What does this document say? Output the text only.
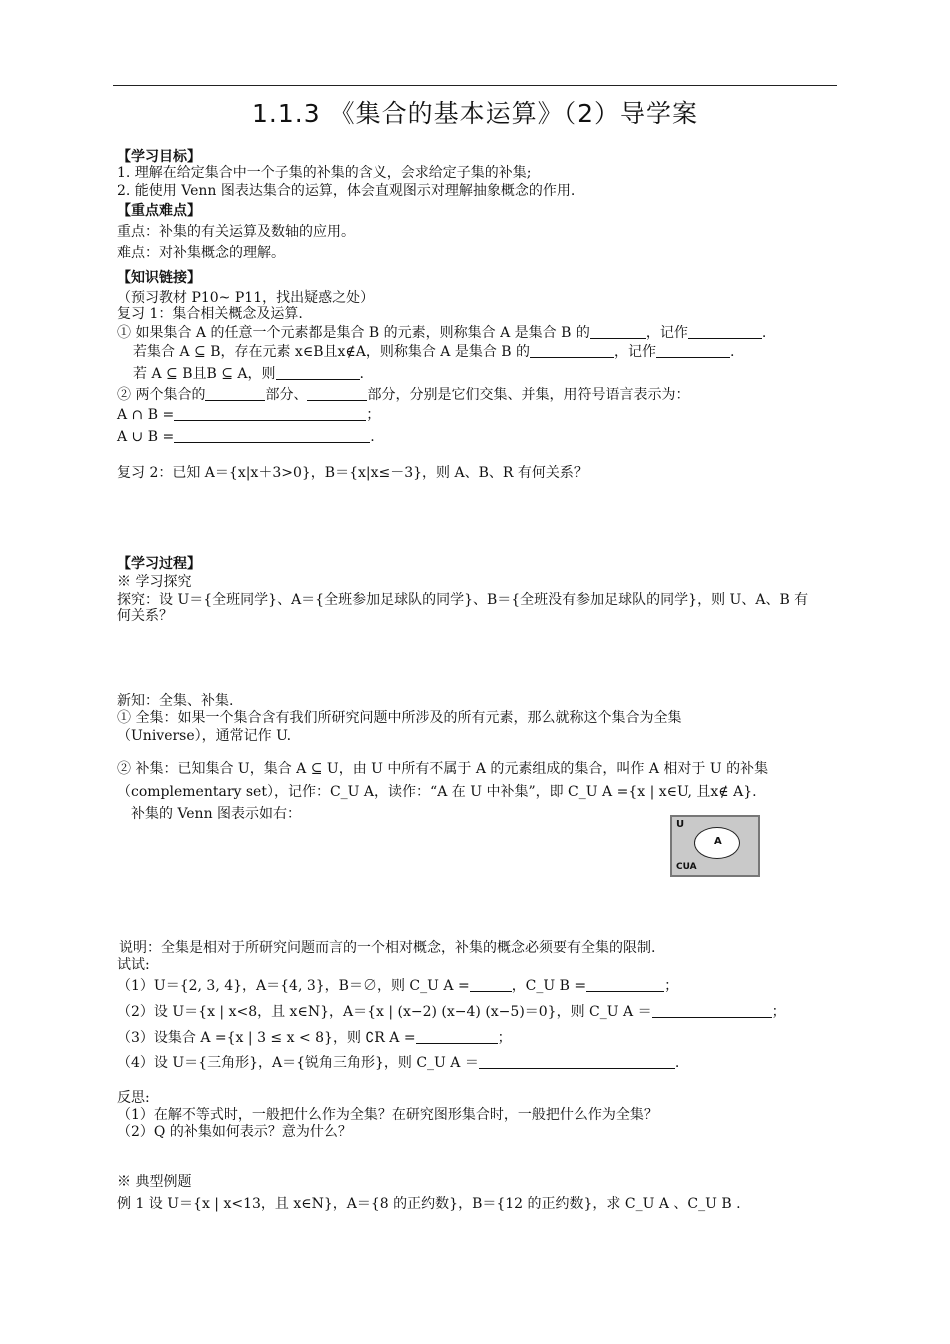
1.1.3 《集合的基本运算》（2）导学案
【学习目标】
1. 理解在给定集合中一个子集的补集的含义，会求给定子集的补集;
2. 能使用 Venn 图表达集合的运算，体会直观图示对理解抽象概念的作用.
【重点难点】
重点：补集的有关运算及数轴的应用。
难点：对补集概念的理解。
【知识链接】
（预习教材 P10~ P11，找出疑惑之处）
复习 1：集合相关概念及运算.
① 如果集合 A 的任意一个元素都是集合 B 的元素，则称集合 A 是集合 B 的	，记作	.
若集合 A ⊆ B，存在元素 x∈B且x∉A，则称集合 A 是集合 B 的	，记作	.
若 A ⊆ B且B ⊆ A，则	.
② 两个集合的	部分、	部分，分别是它们交集、并集，用符号语言表示为：
A ∩ B =	；
A ∪ B =	.
复习 2：已知 A＝{x|x＋3>0}，B＝{x|x≤－3}，则 A、B、R 有何关系？
【学习过程】
※ 学习探究
探究：设 U＝{全班同学}、A＝{全班参加足球队的同学}、B＝{全班没有参加足球队的同学}，则 U、A、B 有
何关系？
新知：全集、补集.
① 全集：如果一个集合含有我们所研究问题中所涉及的所有元素，那么就称这个集合为全集
（Universe），通常记作 U.
② 补集：已知集合 U，集合 A ⊆ U，由 U 中所有不属于 A 的元素组成的集合，叫作 A 相对于 U 的补集
（complementary set），记作：C_U A，读作：“A 在 U 中补集”，即 C_U A ={x | x∈U, 且x∉ A}.
补集的 Venn 图表示如右：
U
A
CUA
说明：全集是相对于所研究问题而言的一个相对概念，补集的概念必须要有全集的限制.
试试:
（1）U＝{2, 3, 4}，A＝{4, 3}，B＝∅，则 C_U A =	，C_U B =	；
（2）设 U＝{x | x<8，且 x∈N}，A＝{x | (x−2) (x−4) (x−5)＝0}，则 C_U A ＝	；
（3）设集合 A ={x | 3 ≤ x < 8}，则 ∁R A =	；
（4）设 U＝{三角形}，A＝{锐角三角形}，则 C_U A ＝	.
反思:
（1）在解不等式时，一般把什么作为全集？在研究图形集合时，一般把什么作为全集？
（2）Q 的补集如何表示？意为什么？
※ 典型例题
例 1 设 U＝{x | x<13，且 x∈N}，A＝{8 的正约数}，B＝{12 的正约数}，求 C_U A 、C_U B .
